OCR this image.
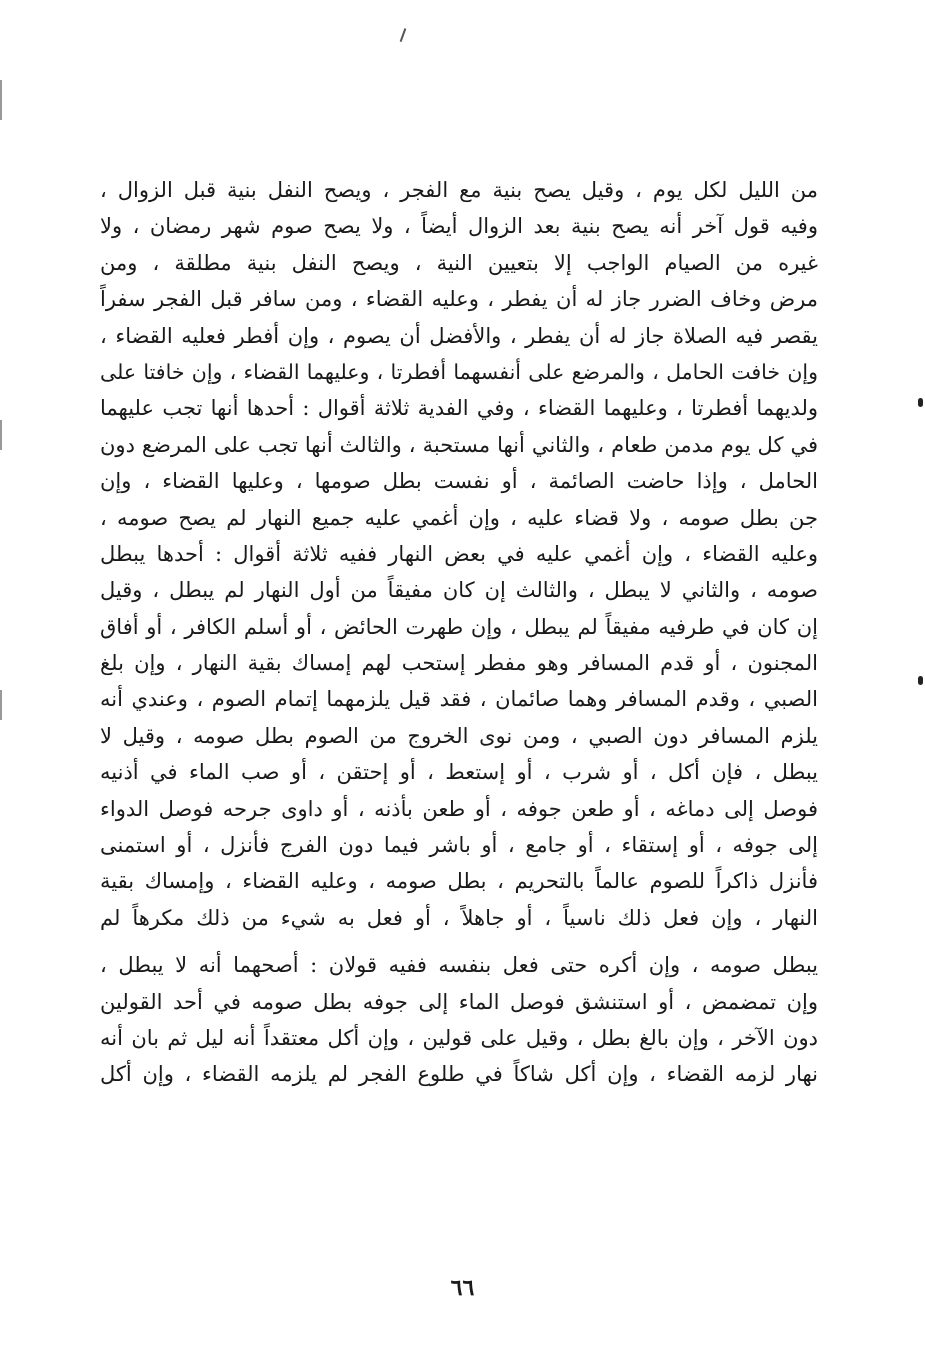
من الليل لكل يوم ، وقيل يصح بنية مع الفجر ، ويصح النفل بنية قبل الزوال ،
وفيه قول آخر أنه يصح بنية بعد الزوال أيضاً ، ولا يصح صوم شهر رمضان ، ولا
غيره من الصيام الواجب إلا بتعيين النية ، ويصح النفل بنية مطلقة ، ومن
مرض وخاف الضرر جاز له أن يفطر ، وعليه القضاء ، ومن سافر قبل الفجر سفراً
يقصر فيه الصلاة جاز له أن يفطر ، والأفضل أن يصوم ، وإن أفطر فعليه القضاء ،
وإن خافت الحامل ، والمرضع على أنفسهما أفطرتا ، وعليهما القضاء ، وإن خافتا على
ولديهما أفطرتا ، وعليهما القضاء ، وفي الفدية ثلاثة أقوال : أحدها أنها تجب عليهما
في كل يوم مدمن طعام ، والثاني أنها مستحبة ، والثالث أنها تجب على المرضع دون
الحامل ، وإذا حاضت الصائمة ، أو نفست بطل صومها ، وعليها القضاء ، وإن
جن بطل صومه ، ولا قضاء عليه ، وإن أغمي عليه جميع النهار لم يصح صومه ،
وعليه القضاء ، وإن أغمي عليه في بعض النهار ففيه ثلاثة أقوال : أحدها يبطل
صومه ، والثاني لا يبطل ، والثالث إن كان مفيقاً من أول النهار لم يبطل ، وقيل
إن كان في طرفيه مفيقاً لم يبطل ، وإن طهرت الحائض ، أو أسلم الكافر ، أو أفاق
المجنون ، أو قدم المسافر وهو مفطر إستحب لهم إمساك بقية النهار ، وإن بلغ
الصبي ، وقدم المسافر وهما صائمان ، فقد قيل يلزمهما إتمام الصوم ، وعندي أنه
يلزم المسافر دون الصبي ، ومن نوى الخروج من الصوم بطل صومه ، وقيل لا
يبطل ، فإن أكل ، أو شرب ، أو إستعط ، أو إحتقن ، أو صب الماء في أذنيه
فوصل إلى دماغه ، أو طعن جوفه ، أو طعن بأذنه ، أو داوى جرحه فوصل الدواء
إلى جوفه ، أو إستقاء ، أو جامع ، أو باشر فيما دون الفرج فأنزل ، أو استمنى
فأنزل ذاكراً للصوم عالماً بالتحريم ، بطل صومه ، وعليه القضاء ، وإمساك بقية
النهار ، وإن فعل ذلك ناسياً ، أو جاهلاً ، أو فعل به شيء من ذلك مكرهاً لم
يبطل صومه ، وإن أكره حتى فعل بنفسه ففيه قولان : أصحهما أنه لا يبطل ،
وإن تمضمض ، أو استنشق فوصل الماء إلى جوفه بطل صومه في أحد القولين
دون الآخر ، وإن بالغ بطل ، وقيل على قولين ، وإن أكل معتقداً أنه ليل ثم بان أنه
نهار لزمه القضاء ، وإن أكل شاكاً في طلوع الفجر لم يلزمه القضاء ، وإن أكل
٦٦
